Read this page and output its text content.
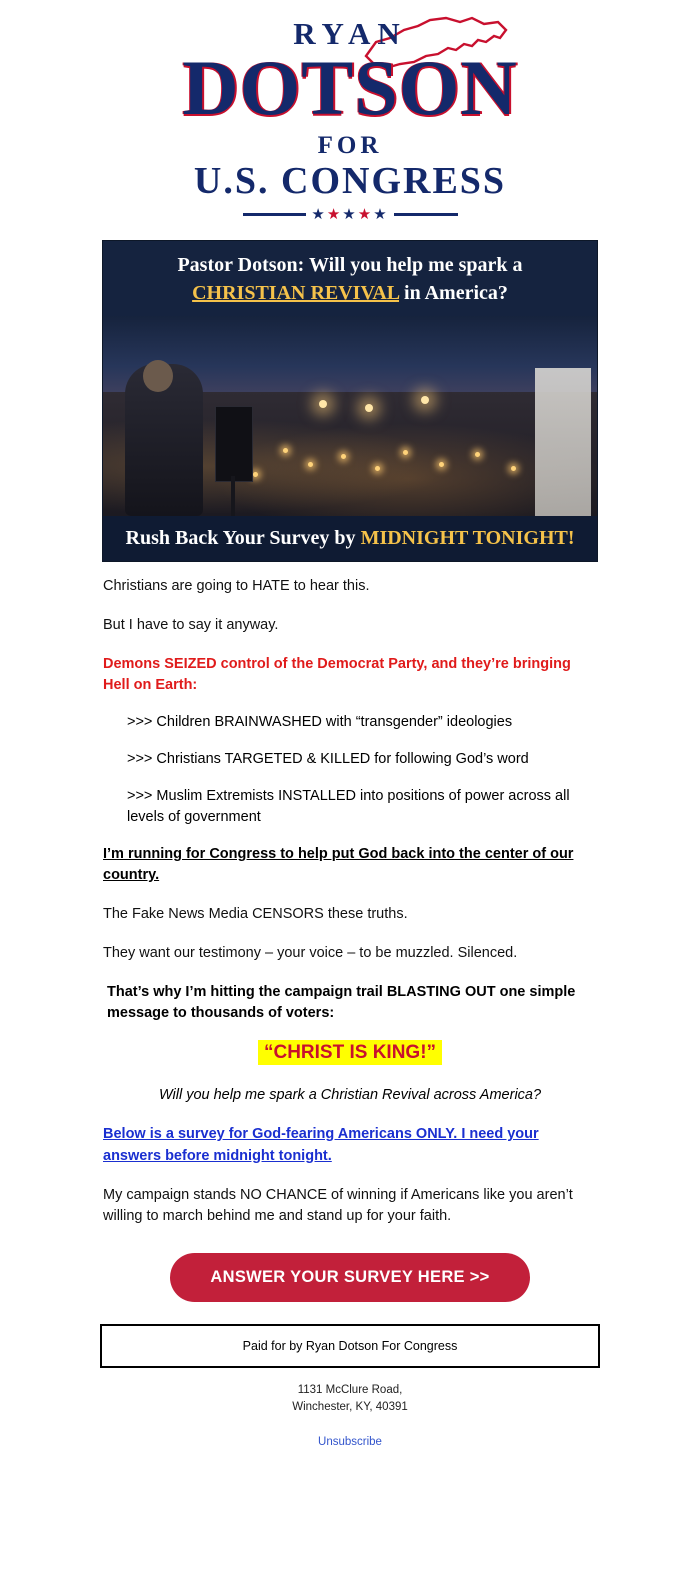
RYAN
DOTSON
FOR
U.S. CONGRESS
★★★★★
Pastor Dotson: Will you help me spark a
CHRISTIAN REVIVAL in America?
Rush Back Your Survey by MIDNIGHT TONIGHT!

Christians are going to HATE to hear this.

But I have to say it anyway.

Demons SEIZED control of the Democrat Party, and they’re bringing Hell on Earth:

>>> Children BRAINWASHED with “transgender” ideologies
>>> Christians TARGETED & KILLED for following God’s word
>>> Muslim Extremists INSTALLED into positions of power across all levels of government
I’m running for Congress to help put God back into the center of our country.

The Fake News Media CENSORS these truths.

They want our testimony – your voice – to be muzzled. Silenced.

That’s why I’m hitting the campaign trail BLASTING OUT one simple message to thousands of voters:

“CHRIST IS KING!”

Will you help me spark a Christian Revival across America?

Below is a survey for God-fearing Americans ONLY. I need your answers before midnight tonight.

My campaign stands NO CHANCE of winning if Americans like you aren’t willing to march behind me and stand up for your faith.

ANSWER YOUR SURVEY HERE >>
Paid for by Ryan Dotson For Congress
1131 McClure Road,
Winchester, KY, 40391
Unsubscribe
